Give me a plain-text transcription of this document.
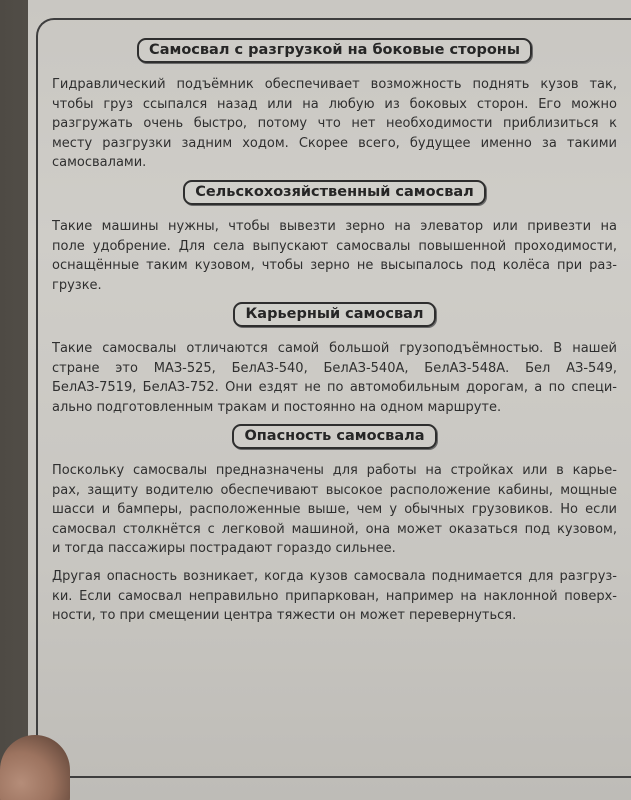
Самосвал с разгрузкой на боковые стороны
Гидравлический подъёмник обеспечивает возможность поднять кузов так,
чтобы груз ссыпался назад или на любую из боковых сторон. Его можно
разгружать очень быстро, потому что нет необходимости приблизиться к
месту разгрузки задним ходом. Скорее всего, будущее именно за такими
самосвалами.
Сельскохозяйственный самосвал
Такие машины нужны, чтобы вывезти зерно на элеватор или привезти на
поле удобрение. Для села выпускают самосвалы повышенной проходимости,
оснащённые таким кузовом, чтобы зерно не высыпалось под колёса при раз-
грузке.
Карьерный самосвал
Такие самосвалы отличаются самой большой грузоподъёмностью. В нашей
стране это МАЗ-525, БелАЗ-540, БелАЗ-540А, БелАЗ-548А. Бел АЗ-549,
БелАЗ-7519, БелАЗ-752. Они ездят не по автомобильным дорогам, а по специ-
ально подготовленным тракам и постоянно на одном маршруте.
Опасность самосвала
Поскольку самосвалы предназначены для работы на стройках или в карье-
рах, защиту водителю обеспечивают высокое расположение кабины, мощные
шасси и бамперы, расположенные выше, чем у обычных грузовиков. Но если
самосвал столкнётся с легковой машиной, она может оказаться под кузовом,
и тогда пассажиры пострадают гораздо сильнее.
Другая опасность возникает, когда кузов самосвала поднимается для разгруз-
ки. Если самосвал неправильно припаркован, например на наклонной поверх-
ности, то при смещении центра тяжести он может перевернуться.
